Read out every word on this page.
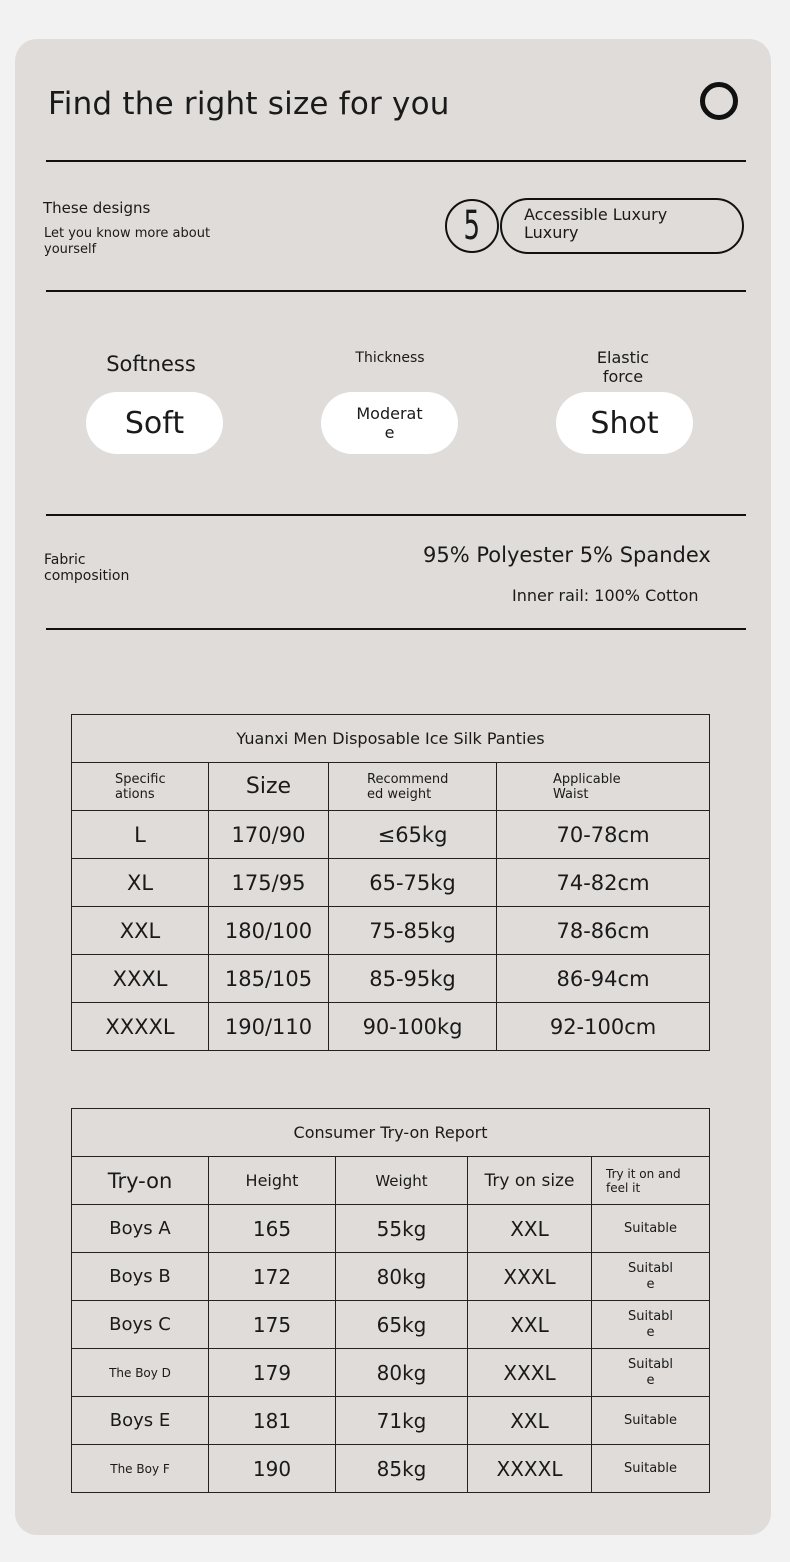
Find the right size for you
These designs
Let you know more about yourself
5	Accessible Luxury Luxury
Softness
Soft
Thickness
Moderate
Elastic force
Shot
Fabric composition
95% Polyester 5% Spandex
Inner rail: 100% Cotton
Yuanxi Men Disposable Ice Silk Panties			

Specifications	Size	Recommended weight	Applicable Waist

L	170/90	≤65kg	70-78cm
XL	175/95	65-75kg	74-82cm
XXL	180/100	75-85kg	78-86cm
XXXL	185/105	85-95kg	86-94cm
XXXXL	190/110	90-100kg	92-100cm
Consumer Try-on Report				
Try-on	Height	Weight	Try on size	Try it on and feel it

Boys A	165	55kg	XXL	Suitable
Boys B	172	80kg	XXXL	Suitable

Boys C	175	65kg	XXL	Suitable

The Boy D	179	80kg	XXXL	Suitable

Boys E	181	71kg	XXL	Suitable
The Boy F	190	85kg	XXXXL	Suitable
